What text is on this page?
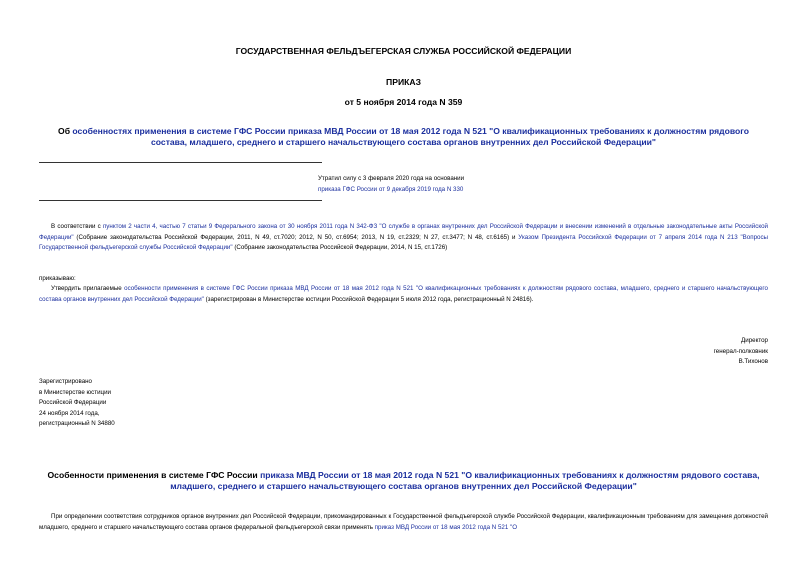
ГОСУДАРСТВЕННАЯ ФЕЛЬДЪЕГЕРСКАЯ СЛУЖБА РОССИЙСКОЙ ФЕДЕРАЦИИ
ПРИКАЗ
от 5 ноября 2014 года N 359
Об особенностях применения в системе ГФС России приказа МВД России от 18 мая 2012 года N 521 "О квалификационных требованиях к должностям рядового состава, младшего, среднего и старшего начальствующего состава органов внутренних дел Российской Федерации"
Утратил силу с 3 февраля 2020 года на основании
приказа ГФС России от 9 декабря 2019 года N 330
В соответствии с пунктом 2 части 4, частью 7 статьи 9 Федерального закона от 30 ноября 2011 года N 342-ФЗ "О службе в органах внутренних дел Российской Федерации и внесении изменений в отдельные законодательные акты Российской Федерации" (Собрание законодательства Российской Федерации, 2011, N 49, ст.7020; 2012, N 50, ст.6954; 2013, N 19, ст.2329; N 27, ст.3477; N 48, ст.6165) и Указом Президента Российской Федерации от 7 апреля 2014 года N 213 "Вопросы Государственной фельдъегерской службы Российской Федерации" (Собрание законодательства Российской Федерации, 2014, N 15, ст.1726)
приказываю:
Утвердить прилагаемые особенности применения в системе ГФС России приказа МВД России от 18 мая 2012 года N 521 "О квалификационных требованиях к должностям рядового состава, младшего, среднего и старшего начальствующего состава органов внутренних дел Российской Федерации" (зарегистрирован в Министерстве юстиции Российской Федерации 5 июля 2012 года, регистрационный N 24816).
Директор
генерал-полковник
В.Тихонов
Зарегистрировано
в Министерстве юстиции
Российской Федерации
24 ноября 2014 года,
регистрационный N 34880
Особенности применения в системе ГФС России приказа МВД России от 18 мая 2012 года N 521 "О квалификационных требованиях к должностям рядового состава, младшего, среднего и старшего начальствующего состава органов внутренних дел Российской Федерации"
При определении соответствия сотрудников органов внутренних дел Российской Федерации, прикомандированных к Государственной фельдъегерской службе Российской Федерации, квалификационным требованиям для замещения должностей младшего, среднего и старшего начальствующего состава органов федеральной фельдъегерской связи применять приказ МВД России от 18 мая 2012 года N 521 "О
